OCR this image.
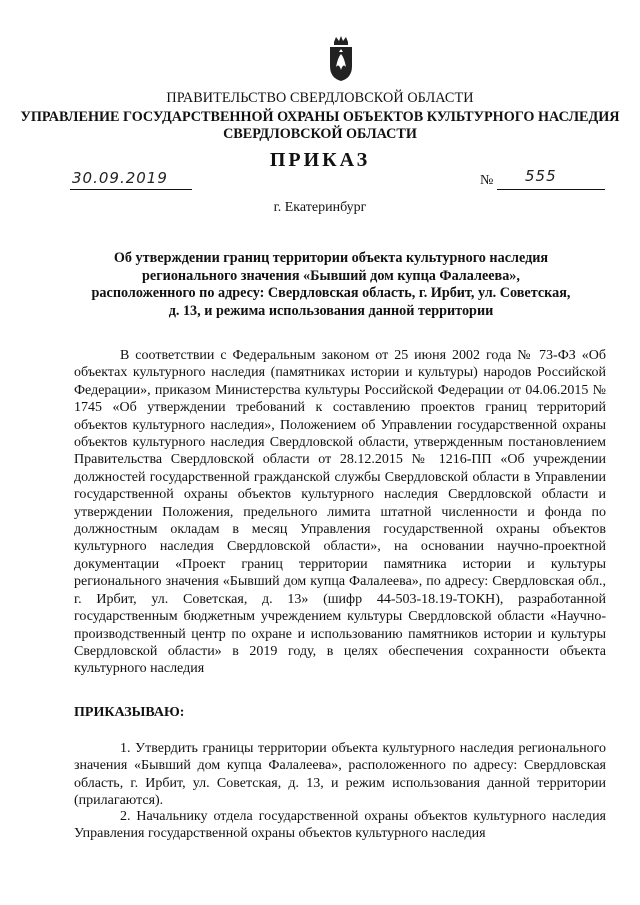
ПРАВИТЕЛЬСТВО СВЕРДЛОВСКОЙ ОБЛАСТИ
УПРАВЛЕНИЕ ГОСУДАРСТВЕННОЙ ОХРАНЫ ОБЪЕКТОВ КУЛЬТУРНОГО НАСЛЕДИЯ
СВЕРДЛОВСКОЙ ОБЛАСТИ
ПРИКАЗ
30.09.2019	№ 555
г. Екатеринбург
Об утверждении границ территории объекта культурного наследия регионального значения «Бывший дом купца Фалалеева», расположенного по адресу: Свердловская область, г. Ирбит, ул. Советская, д. 13, и режима использования данной территории

В соответствии с Федеральным законом от 25 июня 2002 года № 73-ФЗ «Об объектах культурного наследия (памятниках истории и культуры) народов Российской Федерации», приказом Министерства культуры Российской Федерации от 04.06.2015 № 1745 «Об утверждении требований к составлению проектов границ территорий объектов культурного наследия», Положением об Управлении государственной охраны объектов культурного наследия Свердловской области, утвержденным постановлением Правительства Свердловской области от 28.12.2015 № 1216-ПП «Об учреждении должностей государственной гражданской службы Свердловской области в Управлении государственной охраны объектов культурного наследия Свердловской области и утверждении Положения, предельного лимита штатной численности и фонда по должностным окладам в месяц Управления государственной охраны объектов культурного наследия Свердловской области», на основании научно-проектной документации «Проект границ территории памятника истории и культуры регионального значения «Бывший дом купца Фалалеева», по адресу: Свердловская обл., г. Ирбит, ул. Советская, д. 13» (шифр 44-503-18.19-ТОКН), разработанной государственным бюджетным учреждением культуры Свердловской области «Научно-производственный центр по охране и использованию памятников истории и культуры Свердловской области» в 2019 году, в целях обеспечения сохранности объекта культурного наследия

ПРИКАЗЫВАЮ:

1. Утвердить границы территории объекта культурного наследия регионального значения «Бывший дом купца Фалалеева», расположенного по адресу: Свердловская область, г. Ирбит, ул. Советская, д. 13, и режим использования данной территории (прилагаются).

2. Начальнику отдела государственной охраны объектов культурного наследия Управления государственной охраны объектов культурного наследия
